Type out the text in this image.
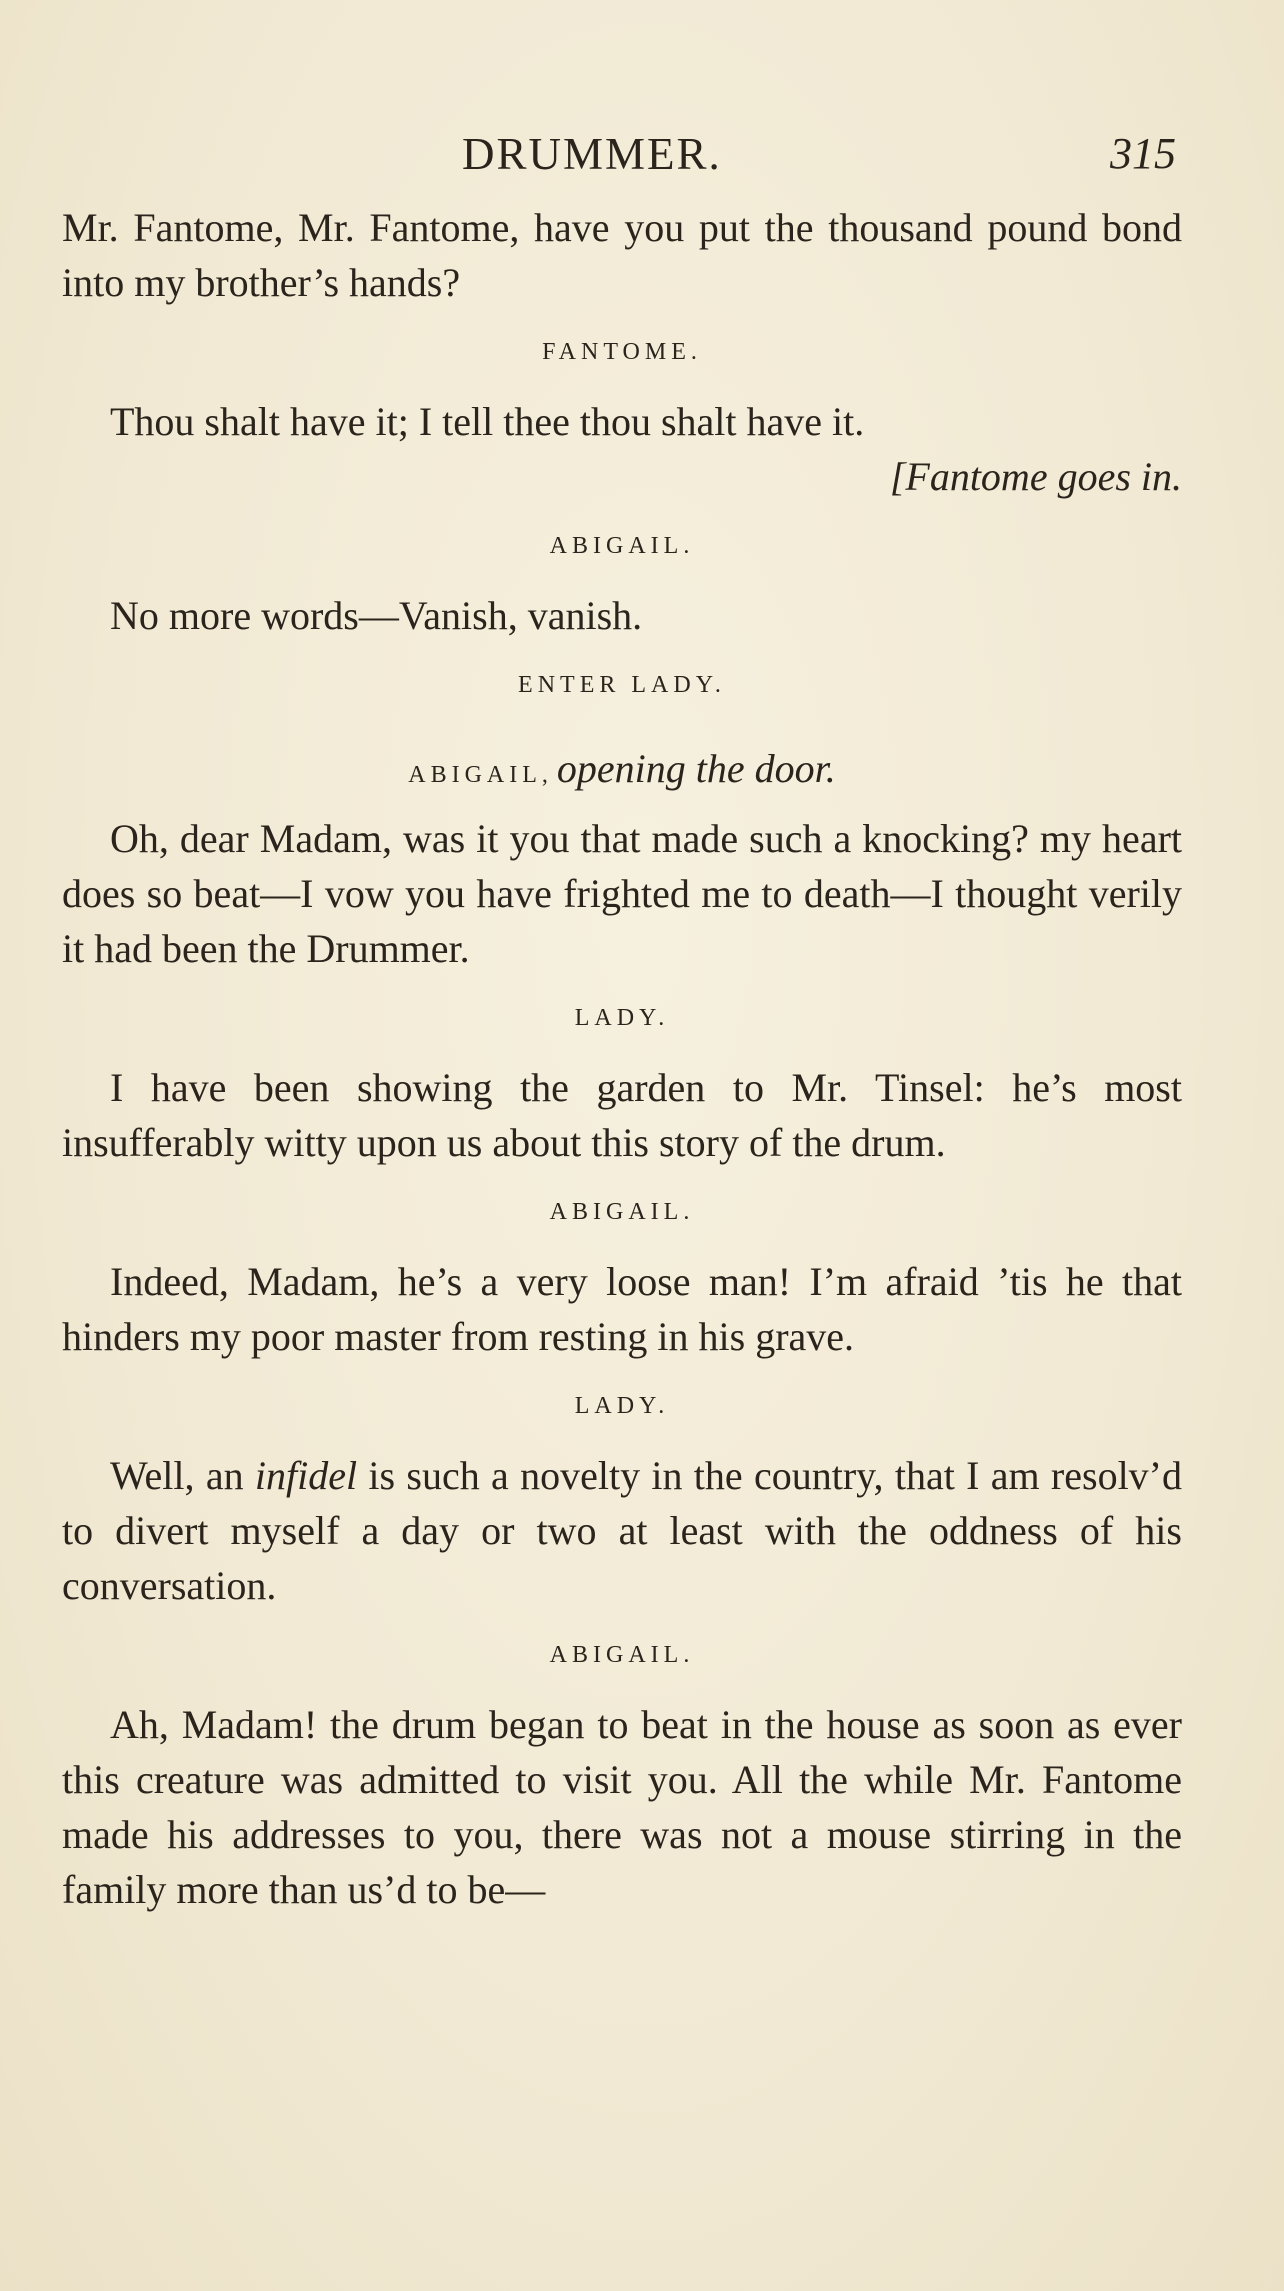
DRUMMER.	315

Mr. Fantome, Mr. Fantome, have you put the thousand pound bond into my brother’s hands?

FANTOME.

Thou shalt have it; I tell thee thou shalt have it.

[Fantome goes in.

ABIGAIL.

No more words—Vanish, vanish.

ENTER LADY.

ABIGAIL, opening the door.

Oh, dear Madam, was it you that made such a knocking? my heart does so beat—I vow you have frighted me to death—I thought verily it had been the Drummer.

LADY.

I have been showing the garden to Mr. Tinsel: he’s most insufferably witty upon us about this story of the drum.

ABIGAIL.

Indeed, Madam, he’s a very loose man! I’m afraid ’tis he that hinders my poor master from resting in his grave.

LADY.

Well, an infidel is such a novelty in the country, that I am resolv’d to divert myself a day or two at least with the oddness of his conversation.

ABIGAIL.

Ah, Madam! the drum began to beat in the house as soon as ever this creature was admitted to visit you. All the while Mr. Fantome made his addresses to you, there was not a mouse stirring in the family more than us’d to be—
